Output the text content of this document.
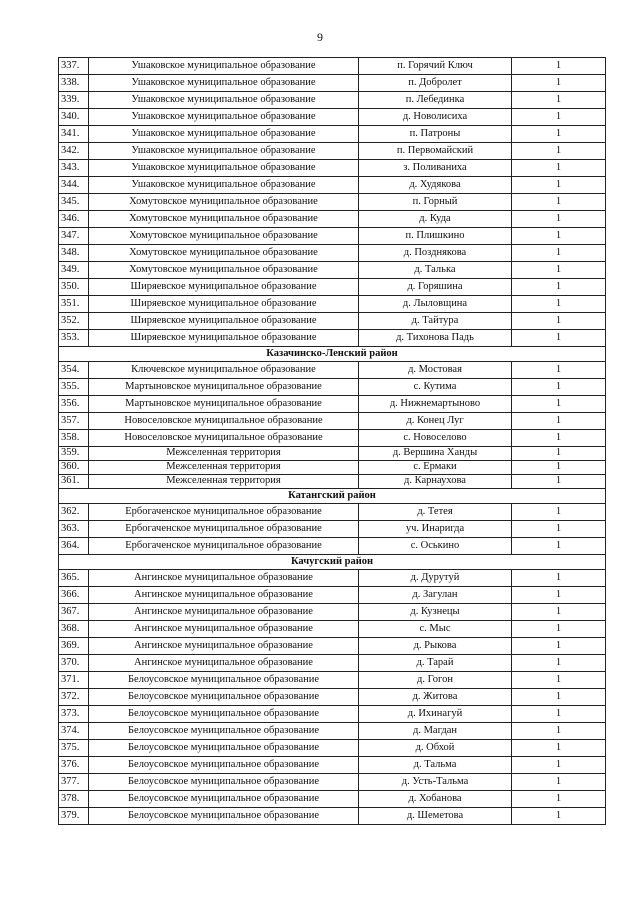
9
337.	Ушаковское муниципальное образование	п. Горячий Ключ	1
338.	Ушаковское муниципальное образование	п. Добролет	1
339.	Ушаковское муниципальное образование	п. Лебединка	1
340.	Ушаковское муниципальное образование	д. Новолисиха	1
341.	Ушаковское муниципальное образование	п. Патроны	1
342.	Ушаковское муниципальное образование	п. Первомайский	1
343.	Ушаковское муниципальное образование	з. Поливаниха	1
344.	Ушаковское муниципальное образование	д. Худякова	1
345.	Хомутовское муниципальное образование	п. Горный	1
346.	Хомутовское муниципальное образование	д. Куда	1
347.	Хомутовское муниципальное образование	п. Плишкино	1
348.	Хомутовское муниципальное образование	д. Позднякова	1
349.	Хомутовское муниципальное образование	д. Талька	1
350.	Ширяевское муниципальное образование	д. Горяшина	1
351.	Ширяевское муниципальное образование	д. Лыловщина	1
352.	Ширяевское муниципальное образование	д. Тайтура	1
353.	Ширяевское муниципальное образование	д. Тихонова Падь	1
Казачинско-Ленский район			
354.	Ключевское муниципальное образование	д. Мостовая	1
355.	Мартыновское муниципальное образование	с. Кутима	1
356.	Мартыновское муниципальное образование	д. Нижнемартыново	1
357.	Новоселовское муниципальное образование	д. Конец Луг	1
358.	Новоселовское муниципальное образование	с. Новоселово	1
359.	Межселенная территория	д. Вершина Ханды	1
360.	Межселенная территория	с. Ермаки	1
361.	Межселенная территория	д. Карнаухова	1
Катангский район			
362.	Ербогаченское муниципальное образование	д. Тетея	1
363.	Ербогаченское муниципальное образование	уч. Инаригда	1
364.	Ербогаченское муниципальное образование	с. Оськино	1
Качугский район			
365.	Ангинское муниципальное образование	д. Дурутуй	1
366.	Ангинское муниципальное образование	д. Загулан	1
367.	Ангинское муниципальное образование	д. Кузнецы	1
368.	Ангинское муниципальное образование	с. Мыс	1
369.	Ангинское муниципальное образование	д. Рыкова	1
370.	Ангинское муниципальное образование	д. Тарай	1
371.	Белоусовское муниципальное образование	д. Гогон	1
372.	Белоусовское муниципальное образование	д. Житова	1
373.	Белоусовское муниципальное образование	д. Ихинагуй	1
374.	Белоусовское муниципальное образование	д. Магдан	1
375.	Белоусовское муниципальное образование	д. Обхой	1
376.	Белоусовское муниципальное образование	д. Тальма	1
377.	Белоусовское муниципальное образование	д. Усть-Тальма	1
378.	Белоусовское муниципальное образование	д. Хобанова	1
379.	Белоусовское муниципальное образование	д. Шеметова	1
